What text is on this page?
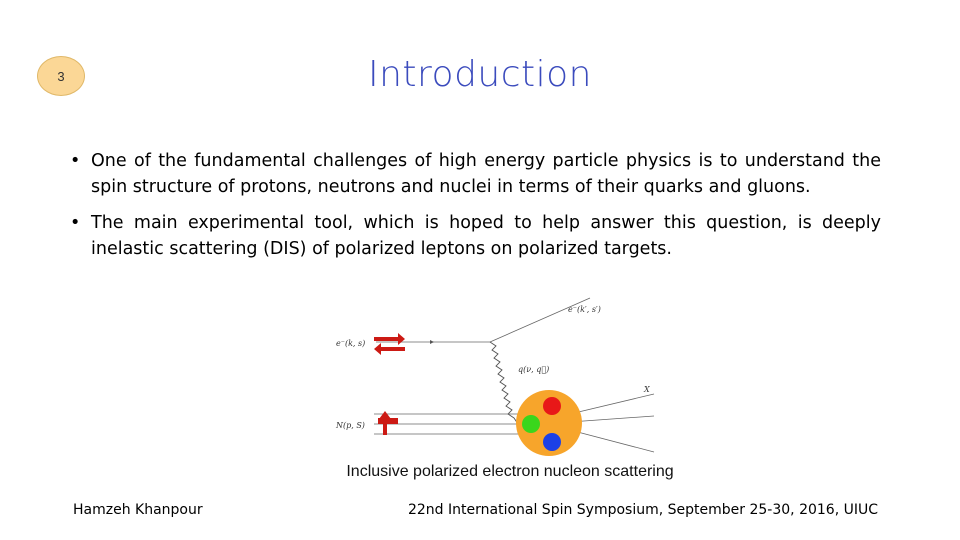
3	Introduction
• One of the fundamental challenges of high energy particle physics is to understand the spin structure of protons, neutrons and nuclei in terms of their quarks and gluons.
• The main experimental tool, which is hoped to help answer this question, is deeply inelastic scattering (DIS) of polarized leptons on polarized targets.
e⁻(k, s)
e⁻(k′, s′)
q(ν, q⃗)
N(p, S)
X
Inclusive polarized electron nucleon scattering
Hamzeh Khanpour	22nd International Spin Symposium, September 25-30, 2016, UIUC
